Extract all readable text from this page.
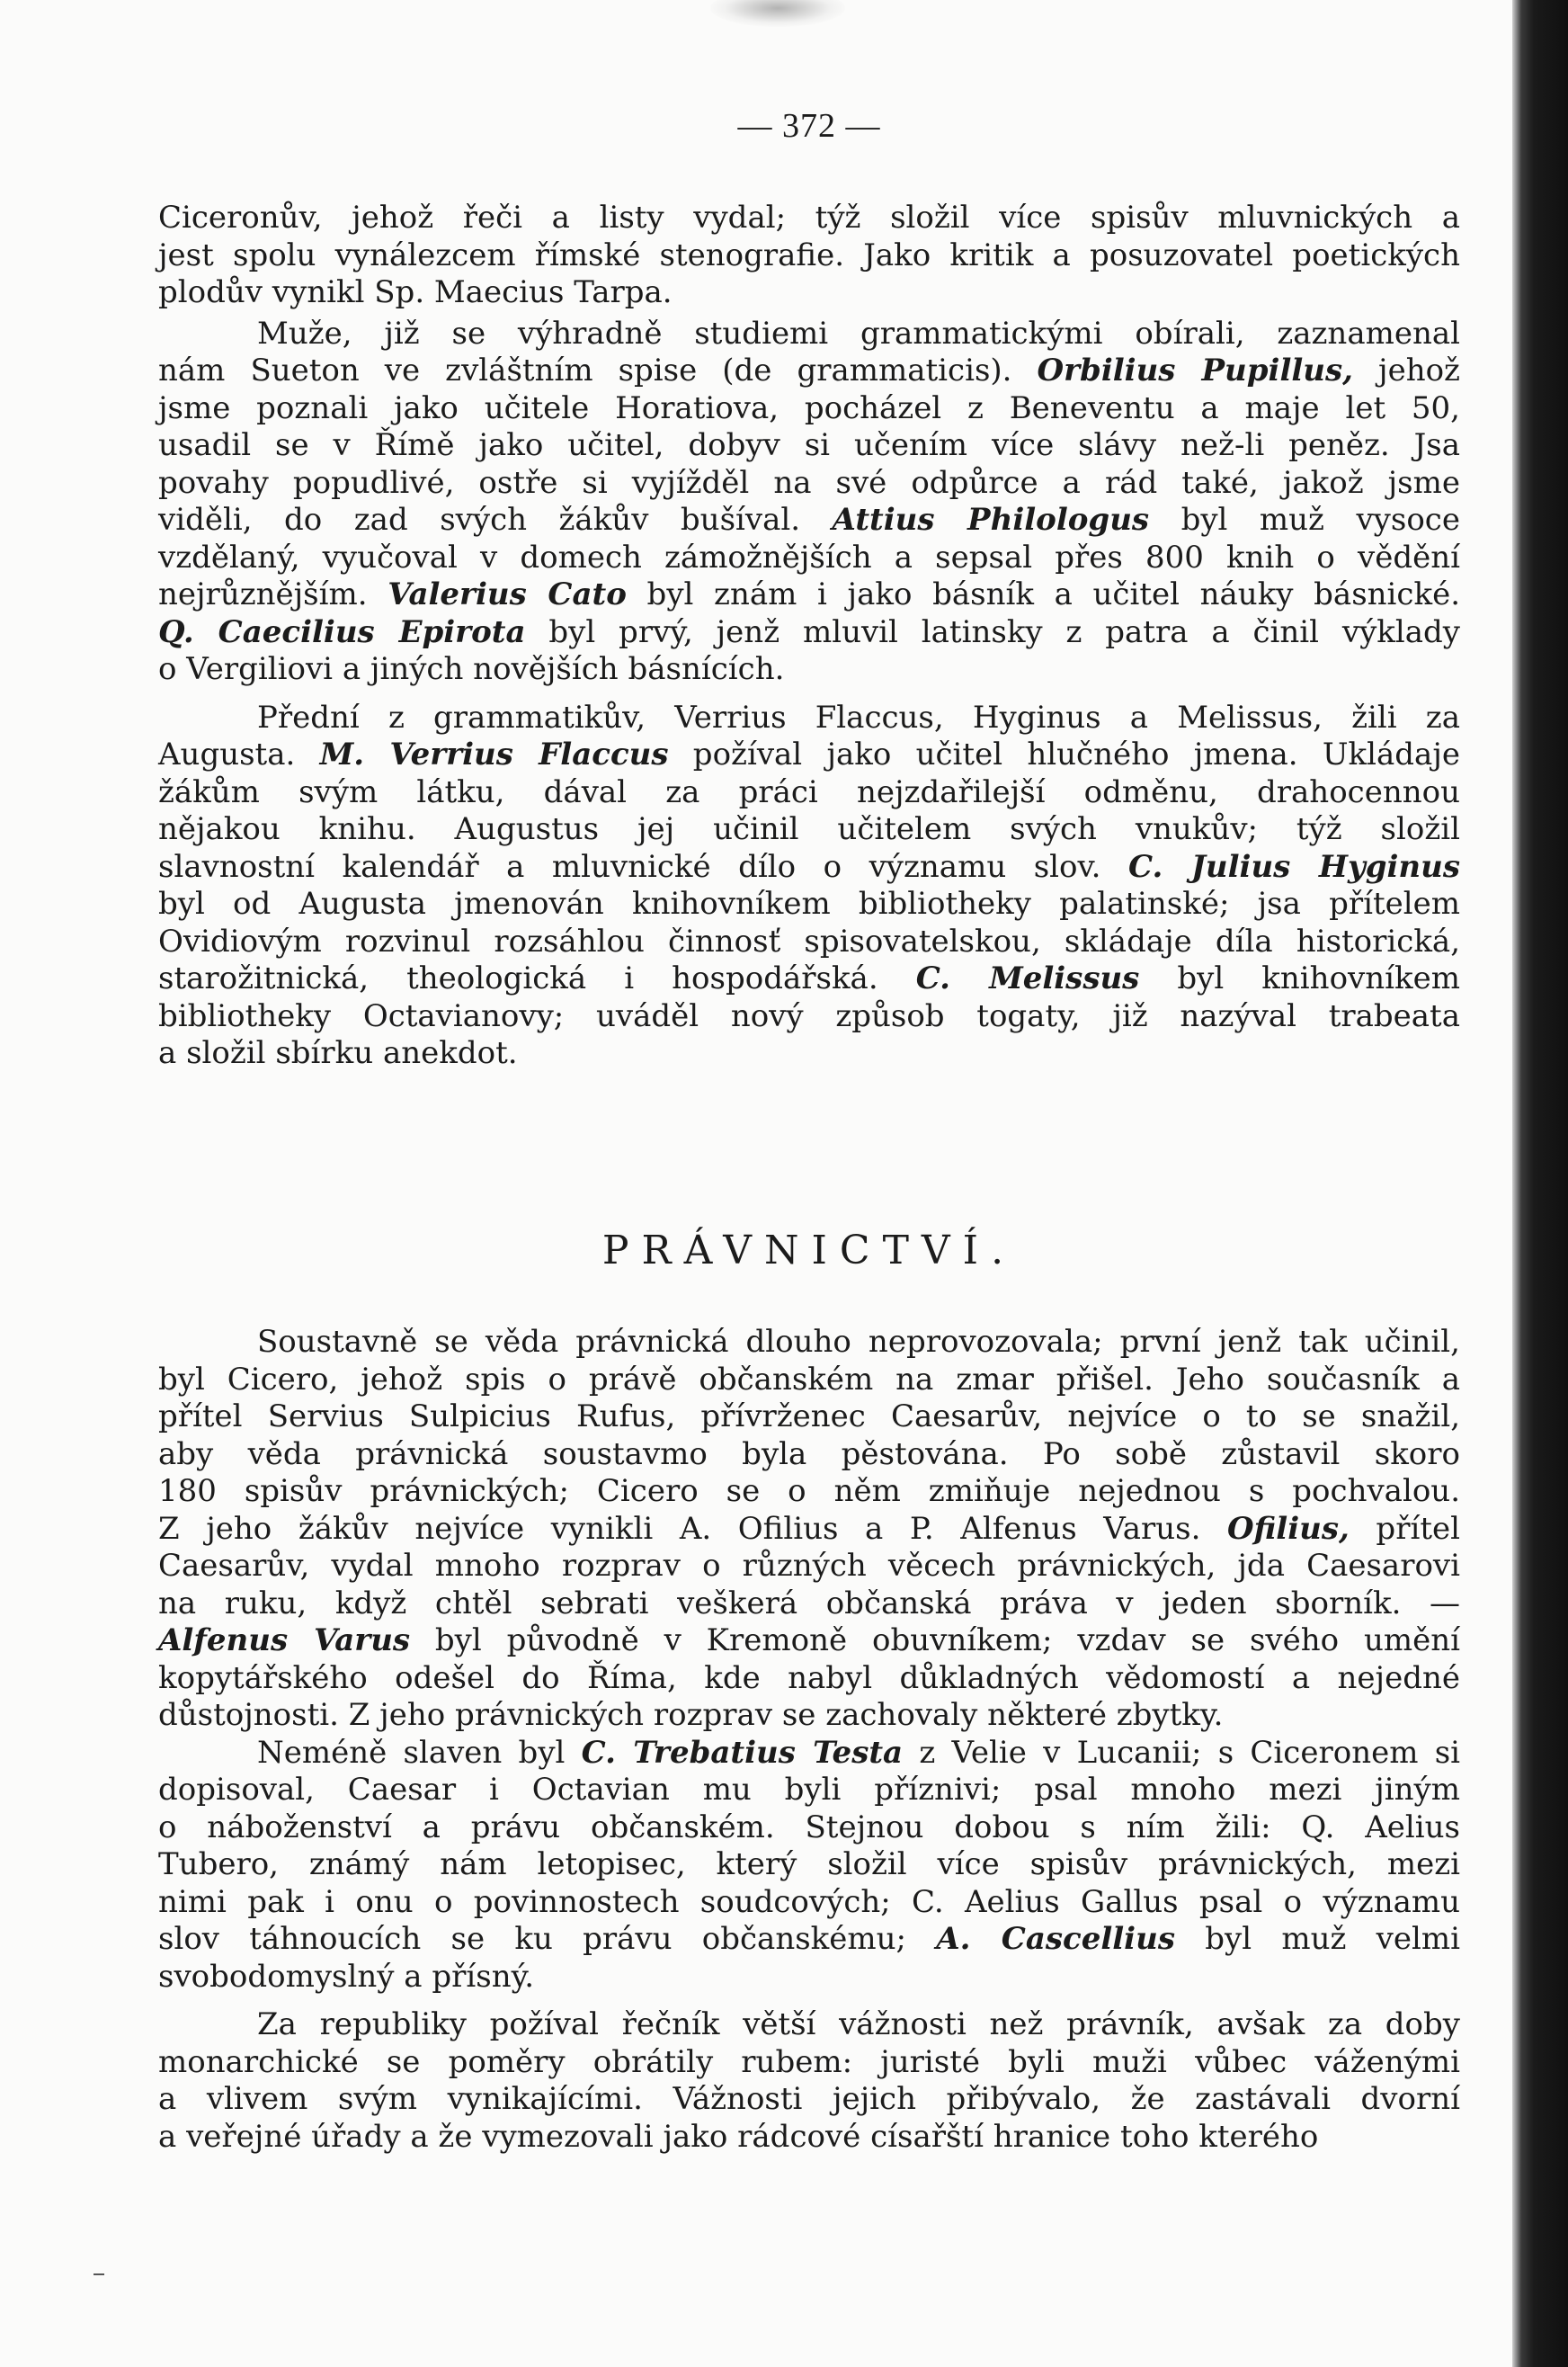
— 372 —

Ciceronův, jehož řeči a listy vydal; týž složil více spisův mluvnických a
jest spolu vynálezcem římské stenografie. Jako kritik a posuzovatel poetických
plodův vynikl Sp. Maecius Tarpa.

Muže, již se výhradně studiemi grammatickými obírali, zaznamenal
nám Sueton ve zvláštním spise (de grammaticis). Orbilius Pupillus, jehož
jsme poznali jako učitele Horatiova, pocházel z Beneventu a maje let 50,
usadil se v Římě jako učitel, dobyv si učením více slávy než-li peněz. Jsa
povahy popudlivé, ostře si vyjížděl na své odpůrce a rád také, jakož jsme
viděli, do zad svých žákův bušíval. Attius Philologus byl muž vysoce
vzdělaný, vyučoval v domech zámožnějších a sepsal přes 800 knih o vědění
nejrůznějším. Valerius Cato byl znám i jako básník a učitel náuky básnické.
Q. Caecilius Epirota byl prvý, jenž mluvil latinsky z patra a činil výklady
o Vergiliovi a jiných novějších básnících.

Přední z grammatikův, Verrius Flaccus, Hyginus a Melissus, žili za
Augusta. M. Verrius Flaccus požíval jako učitel hlučného jmena. Ukládaje
žákům svým látku, dával za práci nejzdařilejší odměnu, drahocennou
nějakou knihu. Augustus jej učinil učitelem svých vnukův; týž složil
slavnostní kalendář a mluvnické dílo o významu slov. C. Julius Hyginus
byl od Augusta jmenován knihovníkem bibliotheky palatinské; jsa přítelem
Ovidiovým rozvinul rozsáhlou činnosť spisovatelskou, skládaje díla historická,
starožitnická, theologická i hospodářská. C. Melissus byl knihovníkem
bibliotheky Octavianovy; uváděl nový způsob togaty, již nazýval trabeata
a složil sbírku anekdot.

PRÁVNICTVÍ.

Soustavně se věda právnická dlouho neprovozovala; první jenž tak učinil,
byl Cicero, jehož spis o právě občanském na zmar přišel. Jeho současník a
přítel Servius Sulpicius Rufus, přívrženec Caesarův, nejvíce o to se snažil,
aby věda právnická soustavmo byla pěstována. Po sobě zůstavil skoro
180 spisův právnických; Cicero se o něm zmiňuje nejednou s pochvalou.
Z jeho žákův nejvíce vynikli A. Ofilius a P. Alfenus Varus. Ofilius, přítel
Caesarův, vydal mnoho rozprav o různých věcech právnických, jda Caesarovi
na ruku, když chtěl sebrati veškerá občanská práva v jeden sborník. —
Alfenus Varus byl původně v Kremoně obuvníkem; vzdav se svého umění
kopytářského odešel do Říma, kde nabyl důkladných vědomostí a nejedné
důstojnosti. Z jeho právnických rozprav se zachovaly některé zbytky.

Neméně slaven byl C. Trebatius Testa z Velie v Lucanii; s Ciceronem si
dopisoval, Caesar i Octavian mu byli příznivi; psal mnoho mezi jiným
o náboženství a právu občanském. Stejnou dobou s ním žili: Q. Aelius
Tubero, známý nám letopisec, který složil více spisův právnických, mezi
nimi pak i onu o povinnostech soudcových; C. Aelius Gallus psal o významu
slov táhnoucích se ku právu občanskému; A. Cascellius byl muž velmi
svobodomyslný a přísný.

Za republiky požíval řečník větší vážnosti než právník, avšak za doby
monarchické se poměry obrátily rubem: juristé byli muži vůbec váženými
a vlivem svým vynikajícími. Vážnosti jejich přibývalo, že zastávali dvorní
a veřejné úřady a že vymezovali jako rádcové císařští hranice toho kterého
